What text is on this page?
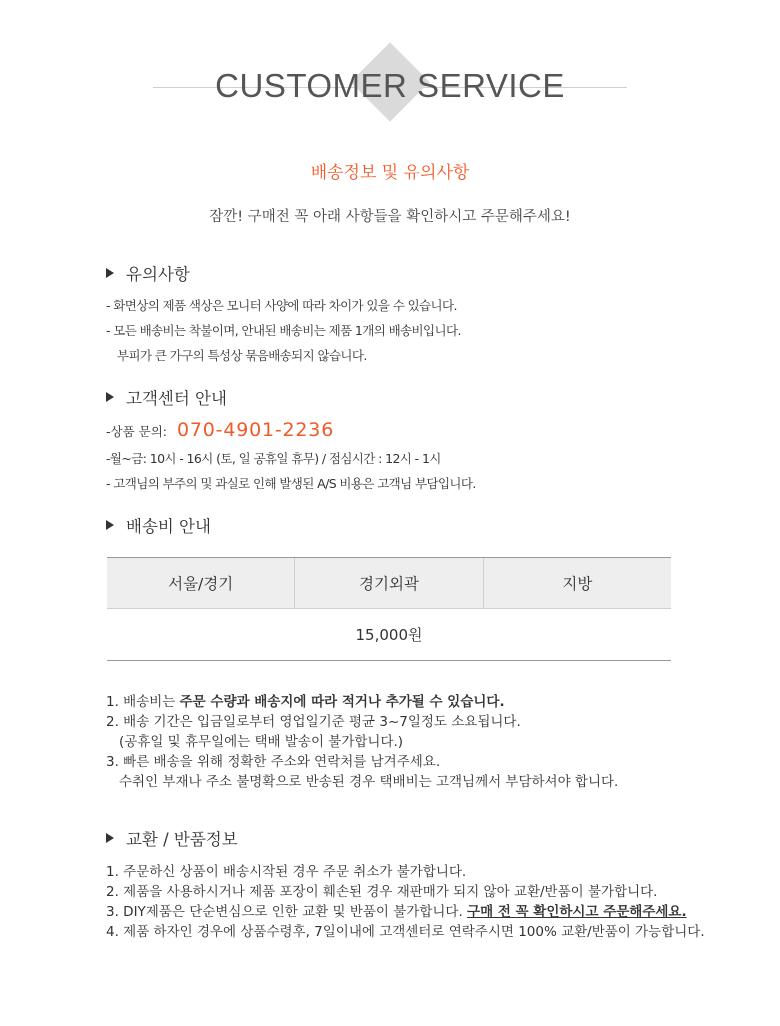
CUSTOMER SERVICE
배송정보 및 유의사항
잠깐! 구매전 꼭 아래 사항들을 확인하시고 주문해주세요!
유의사항
- 화면상의 제품 색상은 모니터 사양에 따라 차이가 있을 수 있습니다.
- 모든 배송비는 착불이며, 안내된 배송비는 제품 1개의 배송비입니다.
부피가 큰 가구의 특성상 묶음배송되지 않습니다.
고객센터 안내
-상품 문의: 070-4901-2236
-월~금: 10시 - 16시 (토, 일 공휴일 휴무) / 점심시간 : 12시 - 1시
- 고객님의 부주의 및 과실로 인해 발생된 A/S 비용은 고객님 부담입니다.
배송비 안내
서울/경기	경기외곽	지방
15,000원
1. 배송비는 주문 수량과 배송지에 따라 적거나 추가될 수 있습니다.
2. 배송 기간은 입금일로부터 영업일기준 평균 3~7일정도 소요됩니다.
(공휴일 및 휴무일에는 택배 발송이 불가합니다.)
3. 빠른 배송을 위해 정확한 주소와 연락처를 남겨주세요.
수취인 부재나 주소 불명확으로 반송된 경우 택배비는 고객님께서 부담하셔야 합니다.
교환 / 반품정보
1. 주문하신 상품이 배송시작된 경우 주문 취소가 불가합니다.
2. 제품을 사용하시거나 제품 포장이 훼손된 경우 재판매가 되지 않아 교환/반품이 불가합니다.
3. DIY제품은 단순변심으로 인한 교환 및 반품이 불가합니다. 구매 전 꼭 확인하시고 주문해주세요.
4. 제품 하자인 경우에 상품수령후, 7일이내에 고객센터로 연락주시면 100% 교환/반품이 가능합니다.
